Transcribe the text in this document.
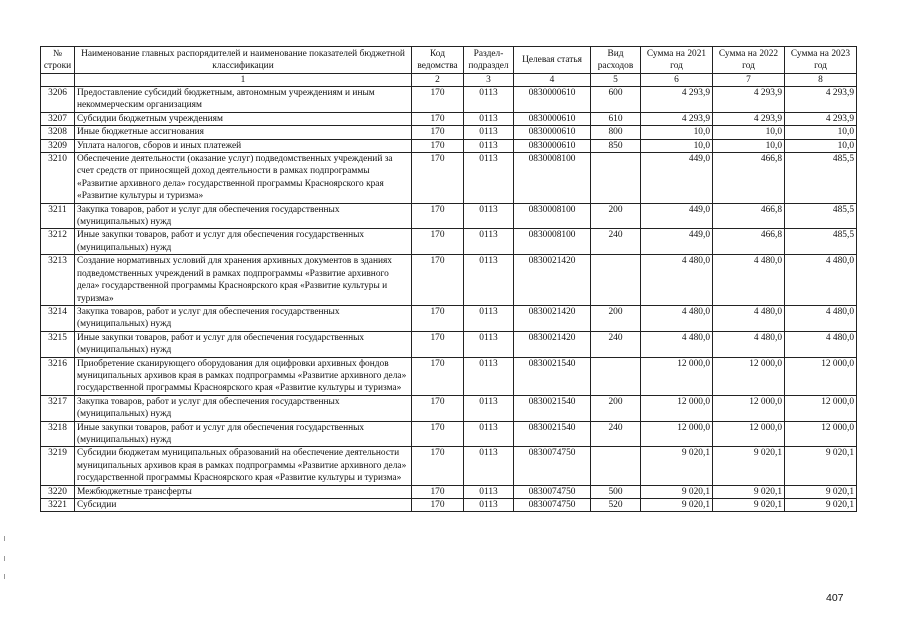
№ строки	Наименование главных распорядителей и наименование показателей бюджетной классификации	Код ведомства	Раздел-подраздел	Целевая статья	Вид расходов	Сумма на 2021 год	Сумма на 2022 год	Сумма на 2023 год
	1	2	3	4	5	6	7	8
3206	Предоставление субсидий бюджетным, автономным учреждениям и иным некоммерческим организациям	170	0113	0830000610	600	4 293,9	4 293,9	4 293,9
3207	Субсидии бюджетным учреждениям	170	0113	0830000610	610	4 293,9	4 293,9	4 293,9
3208	Иные бюджетные ассигнования	170	0113	0830000610	800	10,0	10,0	10,0
3209	Уплата налогов, сборов и иных платежей	170	0113	0830000610	850	10,0	10,0	10,0
3210	Обеспечение деятельности (оказание услуг) подведомственных учреждений за счет средств от приносящей доход деятельности в рамках подпрограммы «Развитие архивного дела» государственной программы Красноярского края «Развитие культуры и туризма»	170	0113	0830008100		449,0	466,8	485,5
3211	Закупка товаров, работ и услуг для обеспечения государственных (муниципальных) нужд	170	0113	0830008100	200	449,0	466,8	485,5
3212	Иные закупки товаров, работ и услуг для обеспечения государственных (муниципальных) нужд	170	0113	0830008100	240	449,0	466,8	485,5
3213	Создание нормативных условий для хранения архивных документов в зданиях подведомственных учреждений в рамках подпрограммы «Развитие архивного дела» государственной программы Красноярского края «Развитие культуры и туризма»	170	0113	0830021420		4 480,0	4 480,0	4 480,0
3214	Закупка товаров, работ и услуг для обеспечения государственных (муниципальных) нужд	170	0113	0830021420	200	4 480,0	4 480,0	4 480,0
3215	Иные закупки товаров, работ и услуг для обеспечения государственных (муниципальных) нужд	170	0113	0830021420	240	4 480,0	4 480,0	4 480,0
3216	Приобретение сканирующего оборудования для оцифровки архивных фондов муниципальных архивов края в рамках подпрограммы «Развитие архивного дела» государственной программы Красноярского края «Развитие культуры и туризма»	170	0113	0830021540		12 000,0	12 000,0	12 000,0
3217	Закупка товаров, работ и услуг для обеспечения государственных (муниципальных) нужд	170	0113	0830021540	200	12 000,0	12 000,0	12 000,0
3218	Иные закупки товаров, работ и услуг для обеспечения государственных (муниципальных) нужд	170	0113	0830021540	240	12 000,0	12 000,0	12 000,0
3219	Субсидии бюджетам муниципальных образований на обеспечение деятельности муниципальных архивов края в рамках подпрограммы «Развитие архивного дела» государственной программы Красноярского края «Развитие культуры и туризма»	170	0113	0830074750		9 020,1	9 020,1	9 020,1
3220	Межбюджетные трансферты	170	0113	0830074750	500	9 020,1	9 020,1	9 020,1
3221	Субсидии	170	0113	0830074750	520	9 020,1	9 020,1	9 020,1
407
